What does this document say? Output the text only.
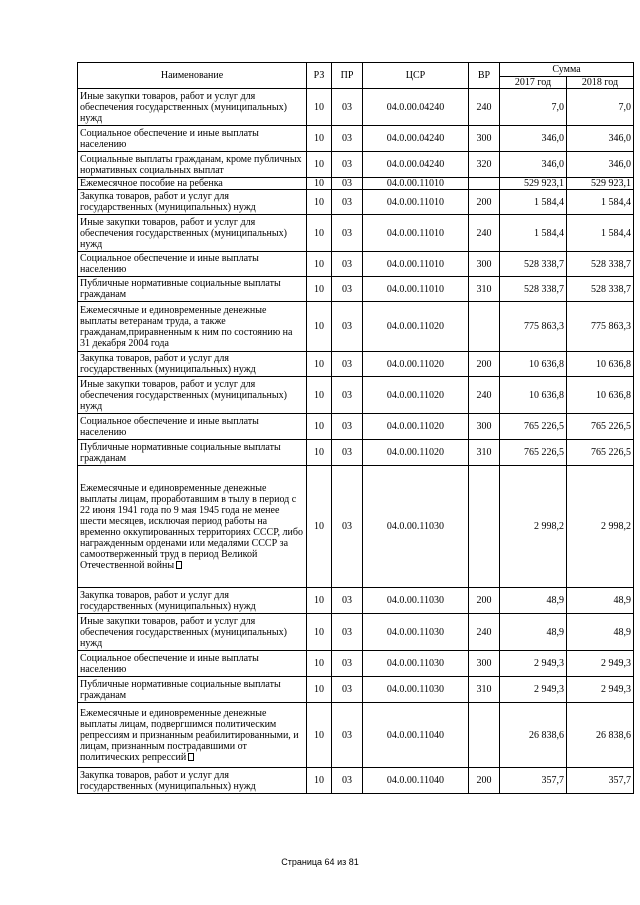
Наименование	РЗ	ПР	ЦСР	ВР	Сумма	
					2017 год	2018 год
Иные закупки товаров, работ и услуг для обеспечения государственных (муниципальных) нужд	10	03	04.0.00.04240	240	7,0	7,0
Социальное обеспечение и иные выплаты населению	10	03	04.0.00.04240	300	346,0	346,0
Социальные выплаты гражданам, кроме публичных нормативных социальных выплат	10	03	04.0.00.04240	320	346,0	346,0
Ежемесячное пособие на ребенка	10	03	04.0.00.11010		529 923,1	529 923,1
Закупка товаров, работ и услуг для государственных (муниципальных) нужд	10	03	04.0.00.11010	200	1 584,4	1 584,4
Иные закупки товаров, работ и услуг для обеспечения государственных (муниципальных) нужд	10	03	04.0.00.11010	240	1 584,4	1 584,4
Социальное обеспечение и иные выплаты населению	10	03	04.0.00.11010	300	528 338,7	528 338,7
Публичные нормативные социальные выплаты гражданам	10	03	04.0.00.11010	310	528 338,7	528 338,7
Ежемесячные и единовременные денежные выплаты ветеранам труда, а также гражданам,приравненным к ним по состоянию на 31 декабря 2004 года	10	03	04.0.00.11020		775 863,3	775 863,3
Закупка товаров, работ и услуг для государственных (муниципальных) нужд	10	03	04.0.00.11020	200	10 636,8	10 636,8
Иные закупки товаров, работ и услуг для обеспечения государственных (муниципальных) нужд	10	03	04.0.00.11020	240	10 636,8	10 636,8
Социальное обеспечение и иные выплаты населению	10	03	04.0.00.11020	300	765 226,5	765 226,5
Публичные нормативные социальные выплаты гражданам	10	03	04.0.00.11020	310	765 226,5	765 226,5
Ежемесячные и единовременные денежные выплаты лицам, проработавшим в тылу в период с 22 июня 1941 года по 9 мая 1945 года не менее шести месяцев, исключая период работы на временно оккупированных территориях СССР, либо награжденным орденами или медалями СССР за самоотверженный труд в период Великой Отечественной войны	10	03	04.0.00.11030		2 998,2	2 998,2
Закупка товаров, работ и услуг для государственных (муниципальных) нужд	10	03	04.0.00.11030	200	48,9	48,9
Иные закупки товаров, работ и услуг для обеспечения государственных (муниципальных) нужд	10	03	04.0.00.11030	240	48,9	48,9
Социальное обеспечение и иные выплаты населению	10	03	04.0.00.11030	300	2 949,3	2 949,3
Публичные нормативные социальные выплаты гражданам	10	03	04.0.00.11030	310	2 949,3	2 949,3
Ежемесячные и единовременные денежные выплаты лицам, подвергшимся политическим репрессиям и признанным реабилитированными, и лицам, признанным пострадавшими от политических репрессий	10	03	04.0.00.11040		26 838,6	26 838,6
Закупка товаров, работ и услуг для государственных (муниципальных) нужд	10	03	04.0.00.11040	200	357,7	357,7
Страница 64 из 81
